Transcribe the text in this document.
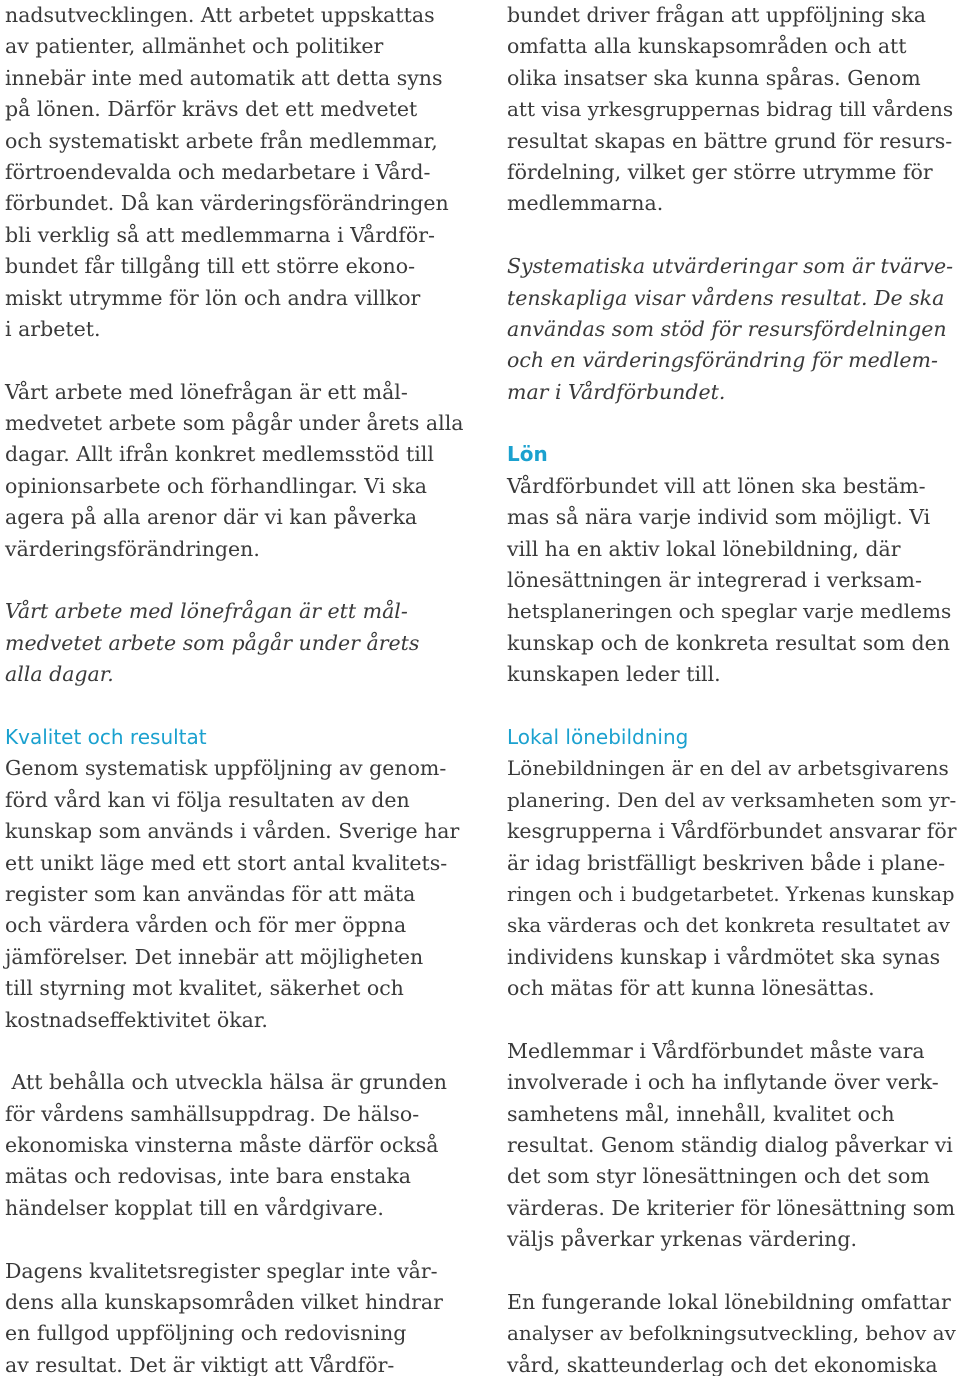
nadsutvecklingen. Att arbetet uppskattas
av patienter, allmänhet och politiker
innebär inte med automatik att detta syns
på lönen. Därför krävs det ett medvetet
och systematiskt arbete från medlemmar,
förtroendevalda och medarbetare i Vård-
förbundet. Då kan värderingsförändringen
bli verklig så att medlemmarna i Vårdför-
bundet får tillgång till ett större ekono-
miskt utrymme för lön och andra villkor
i arbetet.
Vårt arbete med lönefrågan är ett mål-
medvetet arbete som pågår under årets alla
dagar. Allt ifrån konkret medlemsstöd till
opinionsarbete och förhandlingar. Vi ska
agera på alla arenor där vi kan påverka
värderingsförändringen.
Vårt arbete med lönefrågan är ett mål-
medvetet arbete som pågår under årets
alla dagar.
Kvalitet och resultat
Genom systematisk uppföljning av genom-
förd vård kan vi följa resultaten av den
kunskap som används i vården. Sverige har
ett unikt läge med ett stort antal kvalitets-
register som kan användas för att mäta
och värdera vården och för mer öppna
jämförelser. Det innebär att möjligheten
till styrning mot kvalitet, säkerhet och
kostnadseffektivitet ökar.
Att behålla och utveckla hälsa är grunden
för vårdens samhällsuppdrag. De hälso-
ekonomiska vinsterna måste därför också
mätas och redovisas, inte bara enstaka
händelser kopplat till en vårdgivare.
Dagens kvalitetsregister speglar inte vår-
dens alla kunskapsområden vilket hindrar
en fullgod uppföljning och redovisning
av resultat. Det är viktigt att Vårdför-
bundet driver frågan att uppföljning ska
omfatta alla kunskapsområden och att
olika insatser ska kunna spåras. Genom
att visa yrkesgruppernas bidrag till vårdens
resultat skapas en bättre grund för resurs-
fördelning, vilket ger större utrymme för
medlemmarna.
Systematiska utvärderingar som är tvärve-
tenskapliga visar vårdens resultat. De ska
användas som stöd för resursfördelningen
och en värderingsförändring för medlem-
mar i Vårdförbundet.
Lön
Vårdförbundet vill att lönen ska bestäm-
mas så nära varje individ som möjligt. Vi
vill ha en aktiv lokal lönebildning, där
lönesättningen är integrerad i verksam-
hetsplaneringen och speglar varje medlems
kunskap och de konkreta resultat som den
kunskapen leder till.
Lokal lönebildning
Lönebildningen är en del av arbetsgivarens
planering. Den del av verksamheten som yr-
kesgrupperna i Vårdförbundet ansvarar för
är idag bristfälligt beskriven både i plane-
ringen och i budgetarbetet. Yrkenas kunskap
ska värderas och det konkreta resultatet av
individens kunskap i vårdmötet ska synas
och mätas för att kunna lönesättas.
Medlemmar i Vårdförbundet måste vara
involverade i och ha inflytande över verk-
samhetens mål, innehåll, kvalitet och
resultat. Genom ständig dialog påverkar vi
det som styr lönesättningen och det som
värderas. De kriterier för lönesättning som
väljs påverkar yrkenas värdering.
En fungerande lokal lönebildning omfattar
analyser av befolkningsutveckling, behov av
vård, skatteunderlag och det ekonomiska
